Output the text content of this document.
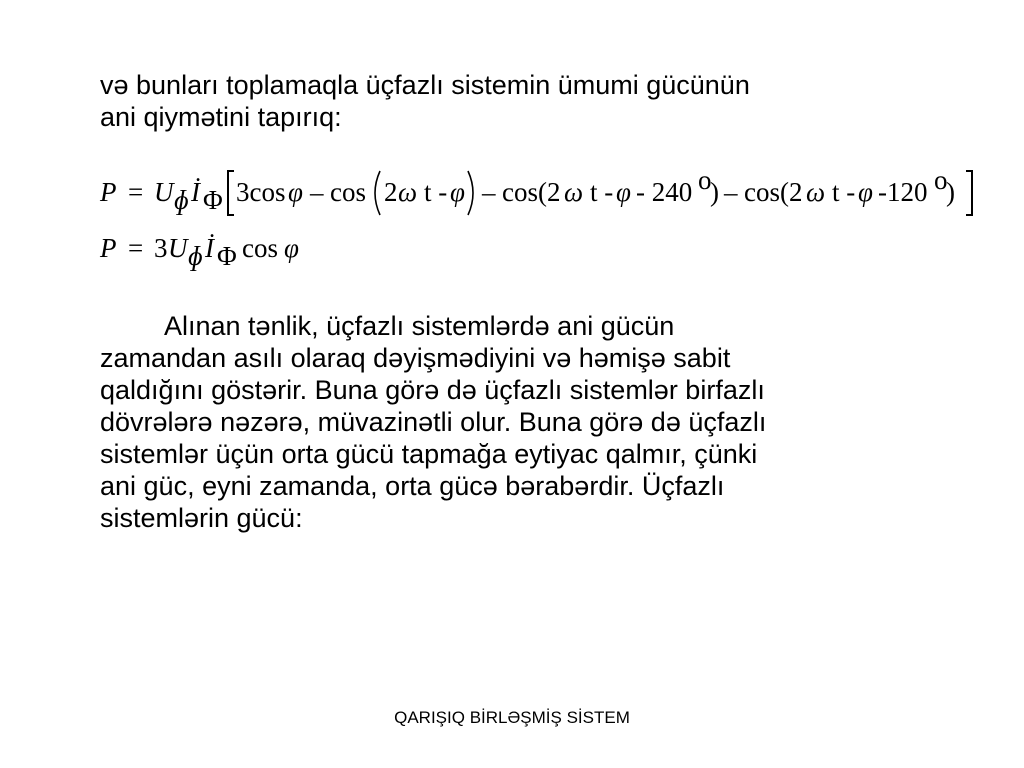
və bunları toplamaqla üçfazlı sistemin ümumi gücünün
ani qiymətini tapırıq:

P = U ɸ İ Φ 3cos φ – cos 2 ω t - φ – cos(2 ω t - φ - 240 o
) – cos(2 ω t - φ -120 o
)
P = 3 U ɸ İ Φ cos φ

Alınan tənlik, üçfazlı sistemlərdə ani gücün
zamandan asılı olaraq dəyişmədiyini və həmişə sabit
qaldığını göstərir. Buna görə də üçfazlı sistemlər birfazlı
dövrələrə nəzərə, müvazinətli olur. Buna görə də üçfazlı
sistemlər üçün orta gücü tapmağa eytiyac qalmır, çünki
ani güc, eyni zamanda, orta gücə bərabərdir. Üçfazlı
sistemlərin gücü:

QARIŞIQ BİRLƏŞMİŞ SİSTEM
